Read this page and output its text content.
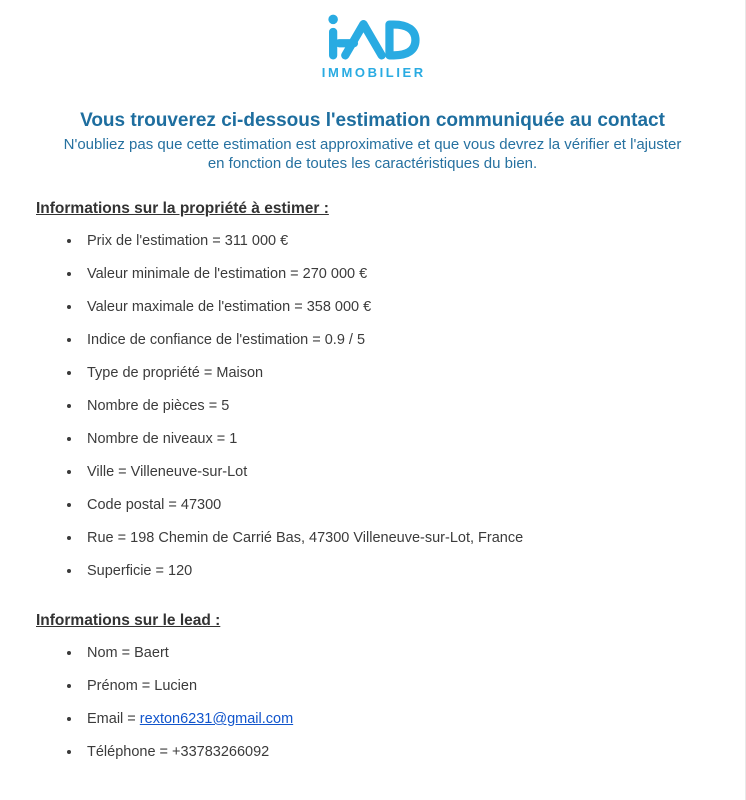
IMMOBILIER
Vous trouverez ci-dessous l'estimation communiquée au contact
N'oubliez pas que cette estimation est approximative et que vous devrez la vérifier et l'ajuster
en fonction de toutes les caractéristiques du bien.
Informations sur la propriété à estimer :
Prix de l'estimation = 311 000 €
Valeur minimale de l'estimation = 270 000 €
Valeur maximale de l'estimation = 358 000 €
Indice de confiance de l'estimation = 0.9 / 5
Type de propriété = Maison
Nombre de pièces = 5
Nombre de niveaux = 1
Ville = Villeneuve-sur-Lot
Code postal = 47300
Rue = 198 Chemin de Carrié Bas, 47300 Villeneuve-sur-Lot, France
Superficie = 120
Informations sur le lead :
Nom = Baert
Prénom = Lucien
Email = rexton6231@gmail.com
Téléphone = +33783266092
